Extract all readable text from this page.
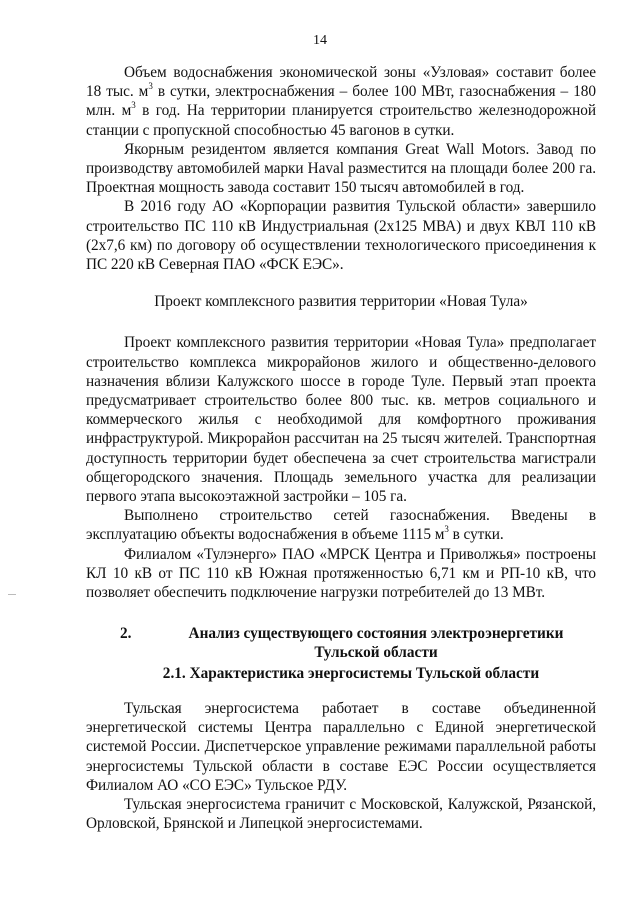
14

Объем водоснабжения экономической зоны «Узловая» составит более 18 тыс. $м^3$ в сутки, электроснабжения – более 100 МВт, газоснабжения – 180 млн. $м^3$ в год. На территории планируется строительство железнодорожной станции с пропускной способностью 45 вагонов в сутки.

Якорным резидентом является компания Great Wall Motors. Завод по производству автомобилей марки Haval разместится на площади более 200 га. Проектная мощность завода составит 150 тысяч автомобилей в год.

В 2016 году АО «Корпорации развития Тульской области» завершило строительство ПС 110 кВ Индустриальная (2х125 МВА) и двух КВЛ 110 кВ (2х7,6 км) по договору об осуществлении технологического присоединения к ПС 220 кВ Северная ПАО «ФСК ЕЭС».

Проект комплексного развития территории «Новая Тула»

Проект комплексного развития территории «Новая Тула» предполагает строительство комплекса микрорайонов жилого и общественно-делового назначения вблизи Калужского шоссе в городе Туле. Первый этап проекта предусматривает строительство более 800 тыс. кв. метров социального и коммерческого жилья с необходимой для комфортного проживания инфраструктурой. Микрорайон рассчитан на 25 тысяч жителей. Транспортная доступность территории будет обеспечена за счет строительства магистрали общегородского значения. Площадь земельного участка для реализации первого этапа высокоэтажной застройки – 105 га.

Выполнено строительство сетей газоснабжения. Введены в эксплуатацию объекты водоснабжения в объеме 1115 $м^3$ в сутки.

Филиалом «Тулэнерго» ПАО «МРСК Центра и Приволжья» построены КЛ 10 кВ от ПС 110 кВ Южная протяженностью 6,71 км и РП-10 кВ, что позволяет обеспечить подключение нагрузки потребителей до 13 МВт.

2.	Анализ существующего состояния электроэнергетики Тульской области
2.1. Характеристика энергосистемы Тульской области

Тульская энергосистема работает в составе объединенной энергетической системы Центра параллельно с Единой энергетической системой России. Диспетчерское управление режимами параллельной работы энергосистемы Тульской области в составе ЕЭС России осуществляется Филиалом АО «СО ЕЭС» Тульское РДУ.

Тульская энергосистема граничит с Московской, Калужской, Рязанской, Орловской, Брянской и Липецкой энергосистемами.
